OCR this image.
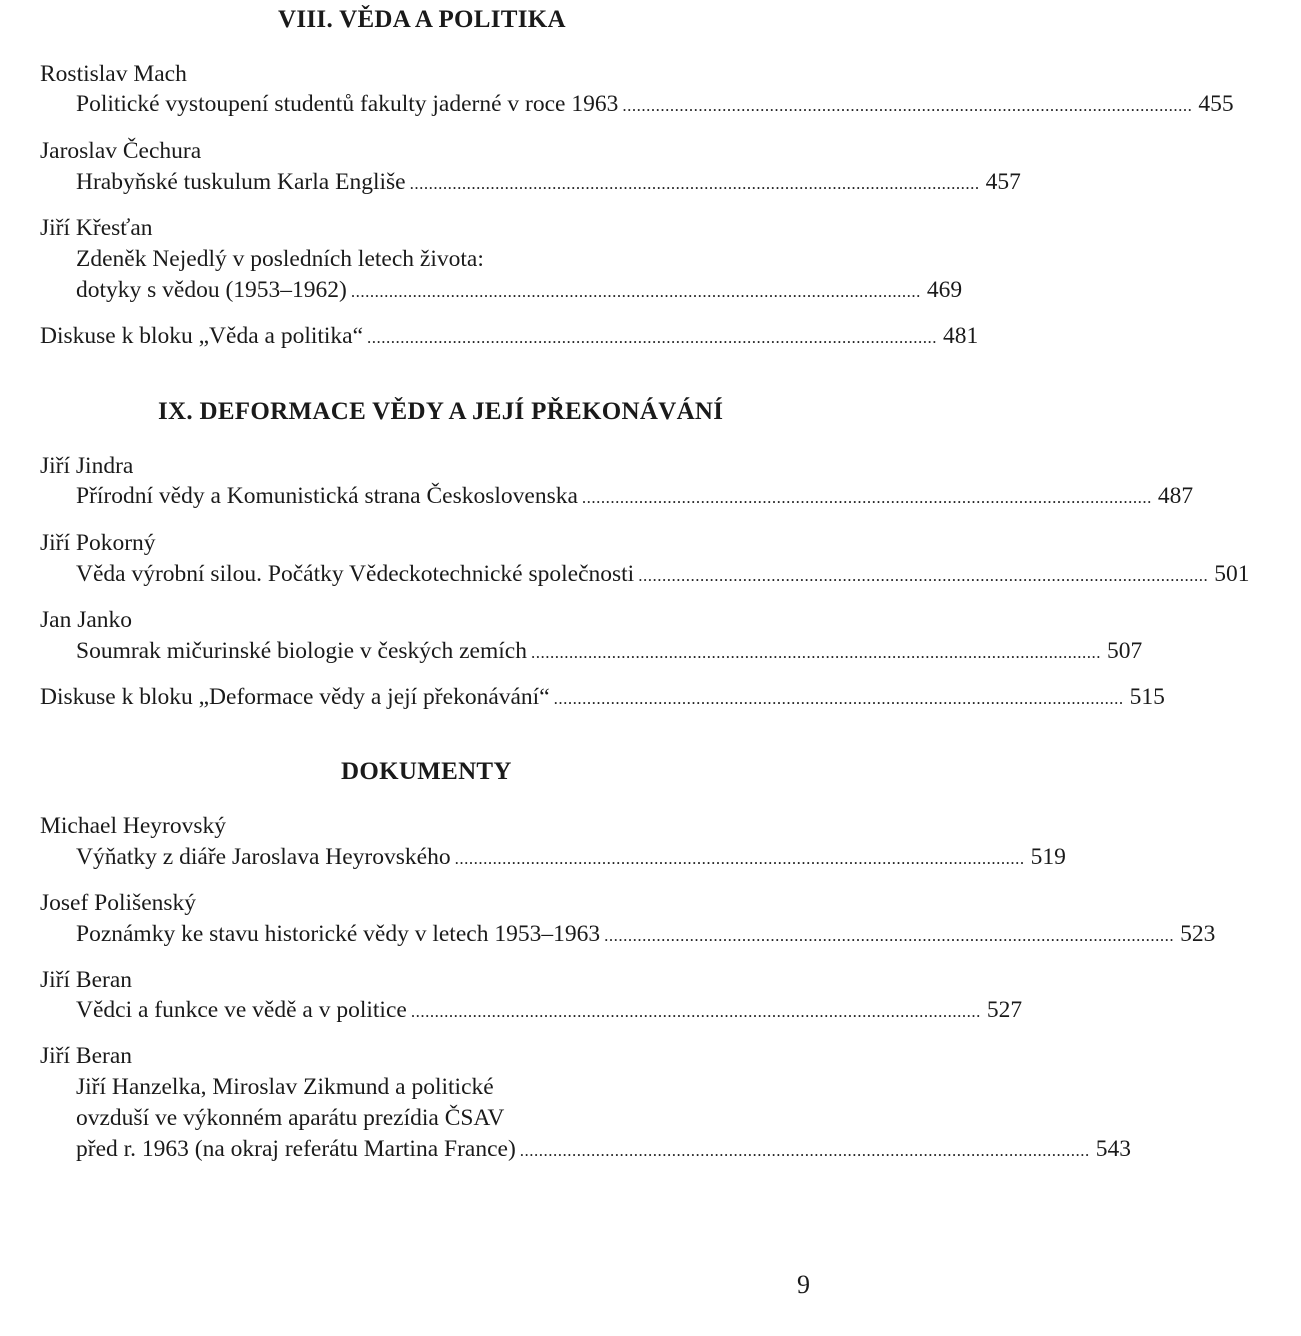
VIII. VĚDA A POLITIKA
Rostislav Mach
Politické vystoupení studentů fakulty jaderné v roce 1963 ........................................................................................................................ 455
Jaroslav Čechura
Hrabyňské tuskulum Karla Engliše ........................................................................................................................ 457
Jiří Křesťan
Zdeněk Nejedlý v posledních letech života:
dotyky s vědou (1953–1962) ........................................................................................................................ 469
Diskuse k bloku „Věda a politika“ ........................................................................................................................ 481
IX. DEFORMACE VĚDY A JEJÍ PŘEKONÁVÁNÍ
Jiří Jindra
Přírodní vědy a Komunistická strana Československa ........................................................................................................................ 487
Jiří Pokorný
Věda výrobní silou. Počátky Vědeckotechnické společnosti ........................................................................................................................ 501
Jan Janko
Soumrak mičurinské biologie v českých zemích ........................................................................................................................ 507
Diskuse k bloku „Deformace vědy a její překonávání“ ........................................................................................................................ 515
DOKUMENTY
Michael Heyrovský
Výňatky z diáře Jaroslava Heyrovského ........................................................................................................................ 519
Josef Polišenský
Poznámky ke stavu historické vědy v letech 1953–1963 ........................................................................................................................ 523
Jiří Beran
Vědci a funkce ve vědě a v politice ........................................................................................................................ 527
Jiří Beran
Jiří Hanzelka, Miroslav Zikmund a politické
ovzduší ve výkonném aparátu prezídia ČSAV
před r. 1963 (na okraj referátu Martina France) ........................................................................................................................ 543
9
